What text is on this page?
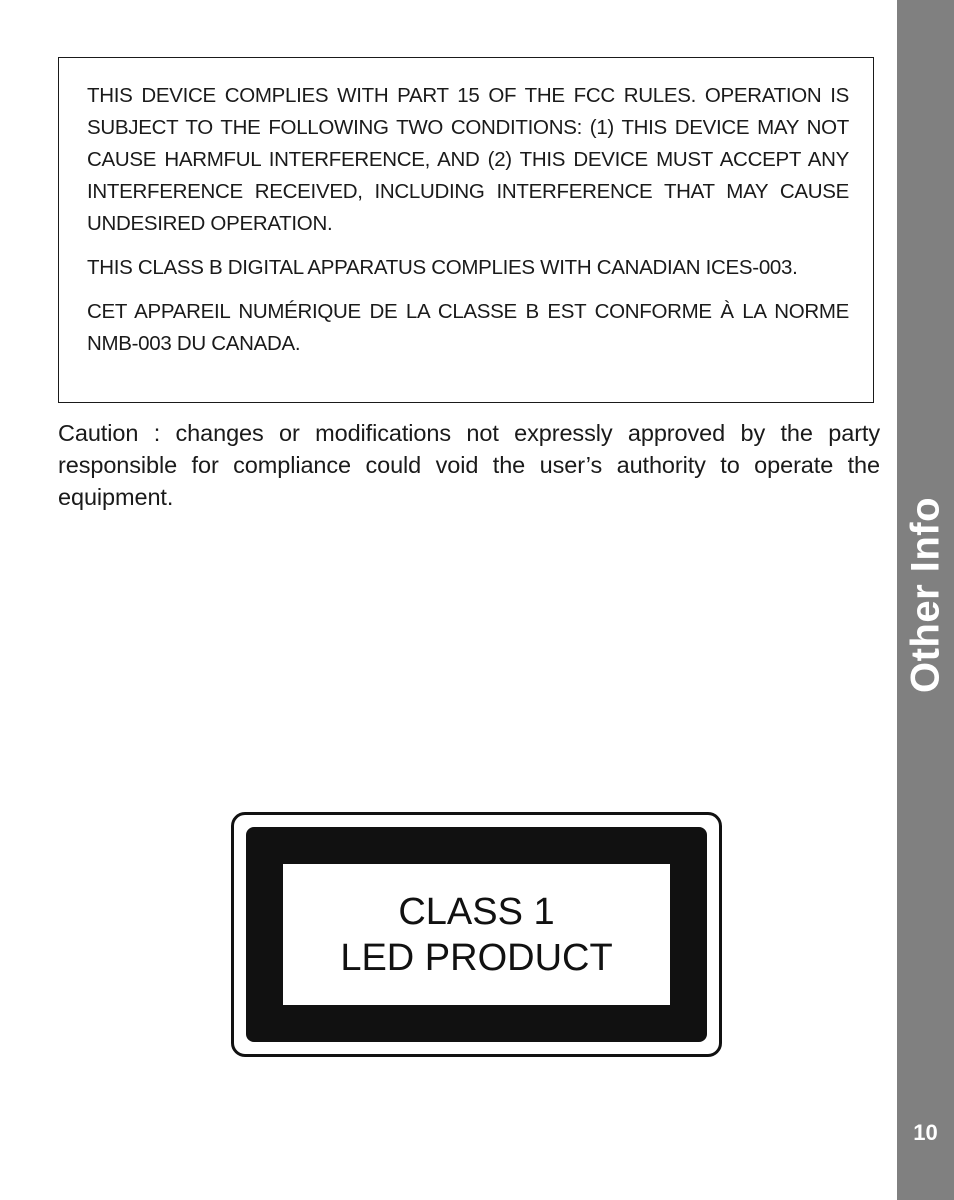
THIS DEVICE COMPLIES WITH PART 15 OF THE FCC RULES. OPERATION IS SUBJECT TO THE FOLLOWING TWO CONDITIONS: (1) THIS DEVICE MAY NOT CAUSE HARMFUL INTERFERENCE, AND (2) THIS DEVICE MUST ACCEPT ANY INTERFERENCE RECEIVED, INCLUDING INTERFERENCE THAT MAY CAUSE UNDESIRED OPERATION.

THIS CLASS B DIGITAL APPARATUS COMPLIES WITH CANADIAN ICES-003.

CET APPAREIL NUMÉRIQUE DE LA CLASSE B EST CONFORME À LA NORME NMB-003 DU CANADA.

Caution : changes or modifications not expressly approved by the party responsible for compliance could void the user’s authority to operate the equipment.

CLASS 1
LED PRODUCT
Other Info
10
